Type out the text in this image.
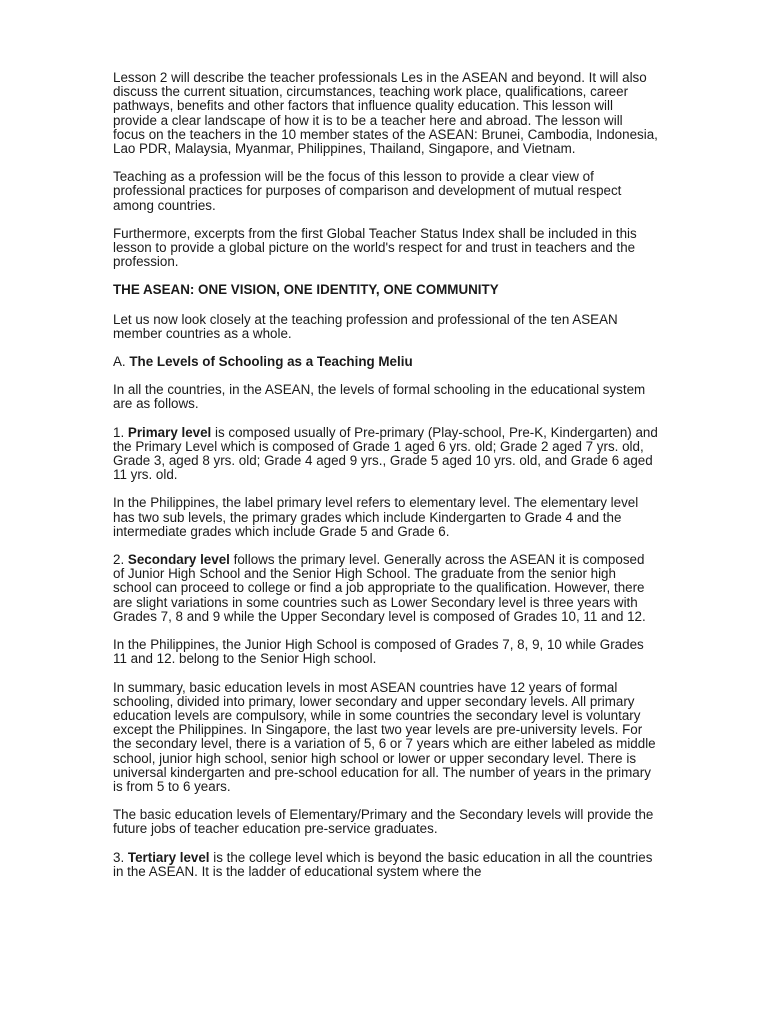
Lesson 2 will describe the teacher professionals Les in the ASEAN and beyond. It will also discuss the current situation, circumstances, teaching work place, qualifications, career pathways, benefits and other factors that influence quality education. This lesson will provide a clear landscape of how it is to be a teacher here and abroad. The lesson will focus on the teachers in the 10 member states of the ASEAN: Brunei, Cambodia, Indonesia, Lao PDR, Malaysia, Myanmar, Philippines, Thailand, Singapore, and Vietnam.

Teaching as a profession will be the focus of this lesson to provide a clear view of professional practices for purposes of comparison and development of mutual respect among countries.

Furthermore, excerpts from the first Global Teacher Status Index shall be included in this lesson to provide a global picture on the world's respect for and trust in teachers and the profession.

THE ASEAN: ONE VISION, ONE IDENTITY, ONE COMMUNITY

Let us now look closely at the teaching profession and professional of the ten ASEAN member countries as a whole.

A. The Levels of Schooling as a Teaching Meliu

In all the countries, in the ASEAN, the levels of formal schooling in the educational system are as follows.

1. Primary level is composed usually of Pre-primary (Play-school, Pre-K, Kindergarten) and the Primary Level which is composed of Grade 1 aged 6 yrs. old; Grade 2 aged 7 yrs. old, Grade 3, aged 8 yrs. old; Grade 4 aged 9 yrs., Grade 5 aged 10 yrs. old, and Grade 6 aged 11 yrs. old.

In the Philippines, the label primary level refers to elementary level. The elementary level has two sub levels, the primary grades which include Kindergarten to Grade 4 and the intermediate grades which include Grade 5 and Grade 6.

2. Secondary level follows the primary level. Generally across the ASEAN it is composed of Junior High School and the Senior High School. The graduate from the senior high school can proceed to college or find a job appropriate to the qualification. However, there are slight variations in some countries such as Lower Secondary level is three years with Grades 7, 8 and 9 while the Upper Secondary level is composed of Grades 10, 11 and 12.

In the Philippines, the Junior High School is composed of Grades 7, 8, 9, 10 while Grades 11 and 12. belong to the Senior High school.

In summary, basic education levels in most ASEAN countries have 12 years of formal schooling, divided into primary, lower secondary and upper secondary levels. All primary education levels are compulsory, while in some countries the secondary level is voluntary except the Philippines. In Singapore, the last two year levels are pre-university levels. For the secondary level, there is a variation of 5, 6 or 7 years which are either labeled as middle school, junior high school, senior high school or lower or upper secondary level. There is universal kindergarten and pre-school education for all. The number of years in the primary is from 5 to 6 years.

The basic education levels of Elementary/Primary and the Secondary levels will provide the future jobs of teacher education pre-service graduates.

3. Tertiary level is the college level which is beyond the basic education in all the countries in the ASEAN. It is the ladder of educational system where the
